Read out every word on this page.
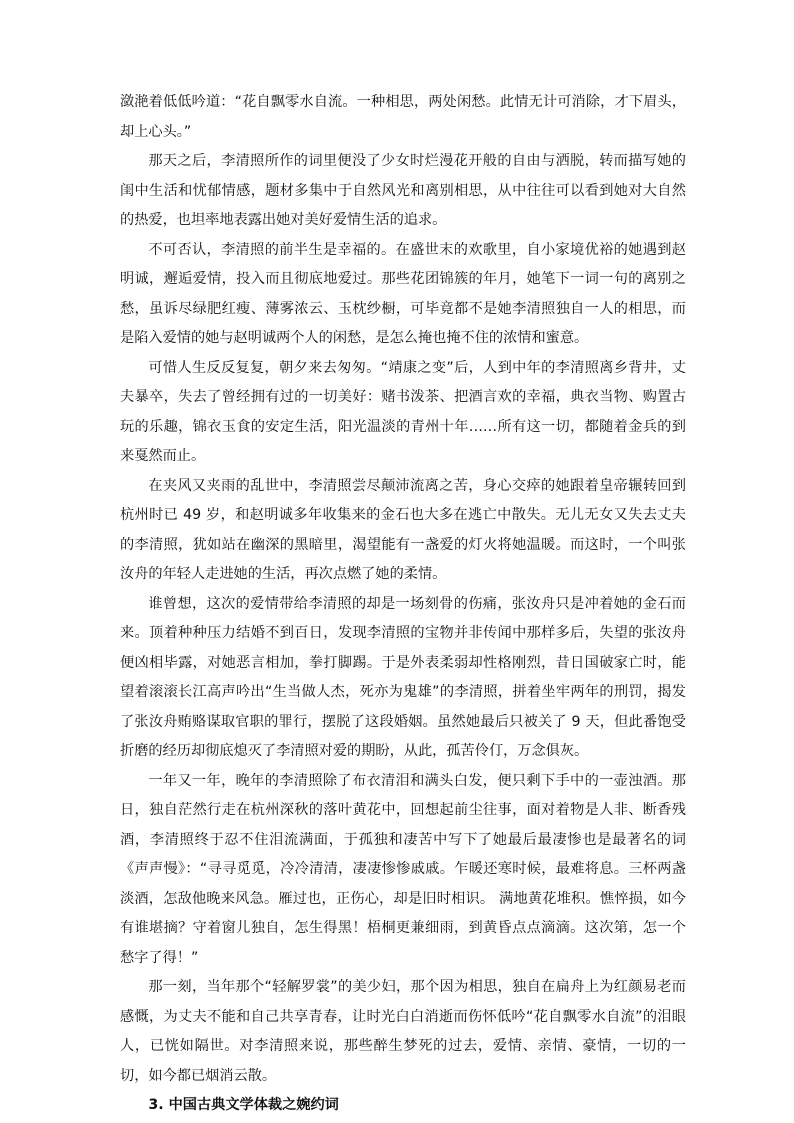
潋滟着低低吟道：“花自飘零水自流。一种相思，两处闲愁。此情无计可消除，才下眉头，却上心头。”

那天之后，李清照所作的词里便没了少女时烂漫花开般的自由与洒脱，转而描写她的闺中生活和忧郁情感，题材多集中于自然风光和离别相思，从中往往可以看到她对大自然的热爱，也坦率地表露出她对美好爱情生活的追求。

不可否认，李清照的前半生是幸福的。在盛世末的欢歌里，自小家境优裕的她遇到赵明诚，邂逅爱情，投入而且彻底地爱过。那些花团锦簇的年月，她笔下一词一句的离别之愁，虽诉尽绿肥红瘦、薄雾浓云、玉枕纱橱，可毕竟都不是她李清照独自一人的相思，而是陷入爱情的她与赵明诚两个人的闲愁，是怎么掩也掩不住的浓情和蜜意。

可惜人生反反复复，朝夕来去匆匆。“靖康之变”后，人到中年的李清照离乡背井，丈夫暴卒，失去了曾经拥有过的一切美好：赌书泼茶、把酒言欢的幸福，典衣当物、购置古玩的乐趣，锦衣玉食的安定生活，阳光温淡的青州十年……所有这一切，都随着金兵的到来戛然而止。

在夹风又夹雨的乱世中，李清照尝尽颠沛流离之苦，身心交瘁的她跟着皇帝辗转回到杭州时已 49 岁，和赵明诚多年收集来的金石也大多在逃亡中散失。无儿无女又失去丈夫的李清照，犹如站在幽深的黑暗里，渴望能有一盏爱的灯火将她温暖。而这时，一个叫张汝舟的年轻人走进她的生活，再次点燃了她的柔情。

谁曾想，这次的爱情带给李清照的却是一场刻骨的伤痛，张汝舟只是冲着她的金石而来。顶着种种压力结婚不到百日，发现李清照的宝物并非传闻中那样多后，失望的张汝舟便凶相毕露，对她恶言相加，拳打脚踢。于是外表柔弱却性格刚烈，昔日国破家亡时，能望着滚滚长江高声吟出“生当做人杰，死亦为鬼雄”的李清照，拼着坐牢两年的刑罚，揭发了张汝舟贿赂谋取官职的罪行，摆脱了这段婚姻。虽然她最后只被关了 9 天，但此番饱受折磨的经历却彻底熄灭了李清照对爱的期盼，从此，孤苦伶仃，万念俱灰。

一年又一年，晚年的李清照除了布衣清泪和满头白发，便只剩下手中的一壶浊酒。那日，独自茫然行走在杭州深秋的落叶黄花中，回想起前尘往事，面对着物是人非、断香残酒，李清照终于忍不住泪流满面，于孤独和凄苦中写下了她最后最凄惨也是最著名的词《声声慢》：“寻寻觅觅，冷冷清清，凄凄惨惨戚戚。乍暖还寒时候，最难将息。三杯两盏淡酒，怎敌他晚来风急。雁过也，正伤心，却是旧时相识。 满地黄花堆积。憔悴损，如今有谁堪摘？守着窗儿独自，怎生得黑！梧桐更兼细雨，到黄昏点点滴滴。这次第，怎一个愁字了得！”

那一刻，当年那个“轻解罗裳”的美少妇，那个因为相思，独自在扁舟上为红颜易老而感慨，为丈夫不能和自己共享青春，让时光白白消逝而伤怀低吟“花自飘零水自流”的泪眼人，已恍如隔世。对李清照来说，那些醉生梦死的过去，爱情、亲情、豪情，一切的一切，如今都已烟消云散。

3. 中国古典文学体裁之婉约词
